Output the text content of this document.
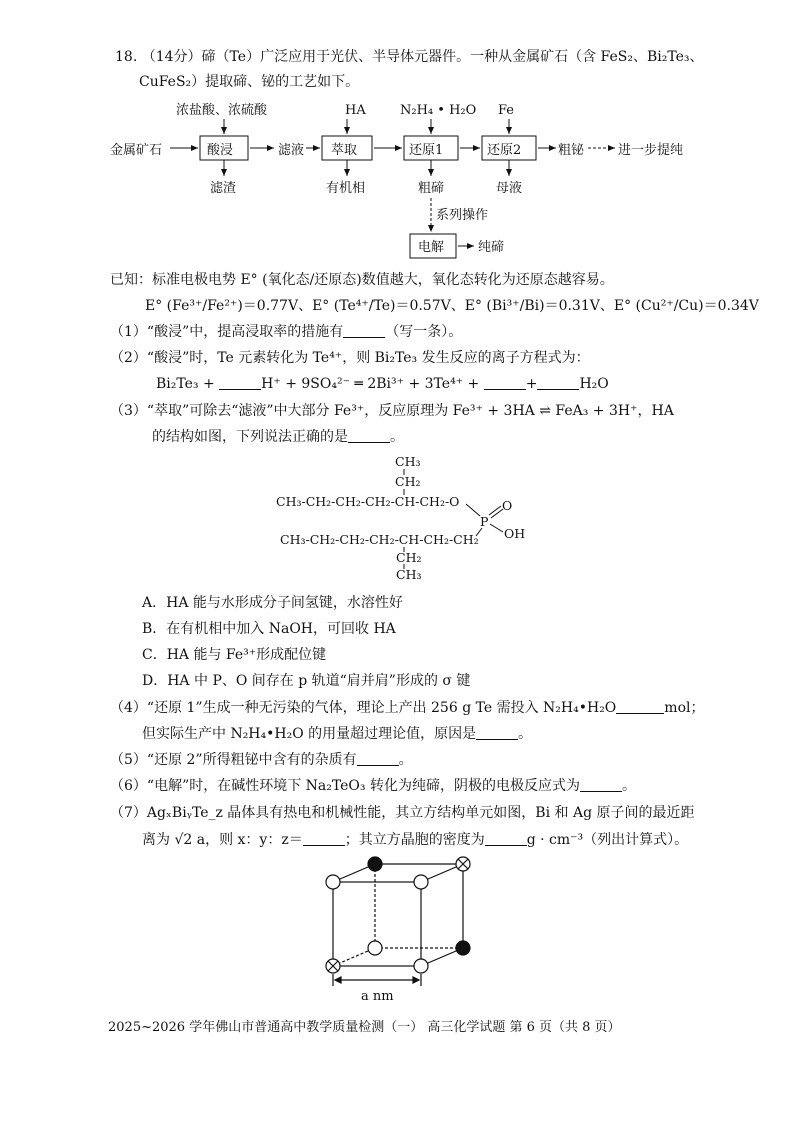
18. （14分）碲（Te）广泛应用于光伏、半导体元器件。一种从金属矿石（含 FeS₂、Bi₂Te₃、
CuFeS₂）提取碲、铋的工艺如下。
浓盐酸、浓硫酸	HA	N₂H₄ • H₂O Fe
金属矿石	滤液	粗铋	进一步提纯
酸浸	萃取	还原1	还原2
滤渣	有机相	粗碲	母液
系列操作
电解	纯碲
已知：标准电极电势 E° (氧化态/还原态)数值越大，氧化态转化为还原态越容易。
E° (Fe³⁺/Fe²⁺)＝0.77V、E° (Te⁴⁺/Te)＝0.57V、E° (Bi³⁺/Bi)＝0.31V、E° (Cu²⁺/Cu)＝0.34V
（1）“酸浸”中，提高浸取率的措施有	（写一条）。
（2）“酸浸”时，Te 元素转化为 Te⁴⁺，则 Bi₂Te₃ 发生反应的离子方程式为：
Bi₂Te₃ +	H⁺ + 9SO₄²⁻ ═ 2Bi³⁺ + 3Te⁴⁺ +	+	H₂O
（3）“萃取”可除去“滤液”中大部分 Fe³⁺，反应原理为 Fe³⁺ + 3HA ⇌ FeA₃ + 3H⁺，HA
的结构如图，下列说法正确的是	。
CH₃
CH₂
CH₃-CH₂-CH₂-CH₂-CH-CH₂-O
P
O
OH
CH₃-CH₂-CH₂-CH₂-CH-CH₂-CH₂
CH₂
CH₃
A．HA 能与水形成分子间氢键，水溶性好
B．在有机相中加入 NaOH，可回收 HA
C．HA 能与 Fe³⁺形成配位键
D．HA 中 P、O 间存在 p 轨道“肩并肩”形成的 σ 键
（4）“还原 1”生成一种无污染的气体，理论上产出 256 g Te 需投入 N₂H₄•H₂O	mol；
但实际生产中 N₂H₄•H₂O 的用量超过理论值，原因是	。
（5）“还原 2”所得粗铋中含有的杂质有	。
（6）“电解”时，在碱性环境下 Na₂TeO₃ 转化为纯碲，阴极的电极反应式为	。
（7）AgₓBiᵧTe_z 晶体具有热电和机械性能，其立方结构单元如图，Bi 和 Ag 原子间的最近距
离为 √2 a，则 x：y：z＝	；其立方晶胞的密度为	g · cm⁻³（列出计算式）。
a nm
2025~2026 学年佛山市普通高中教学质量检测（一） 高三化学试题 第 6 页（共 8 页）
